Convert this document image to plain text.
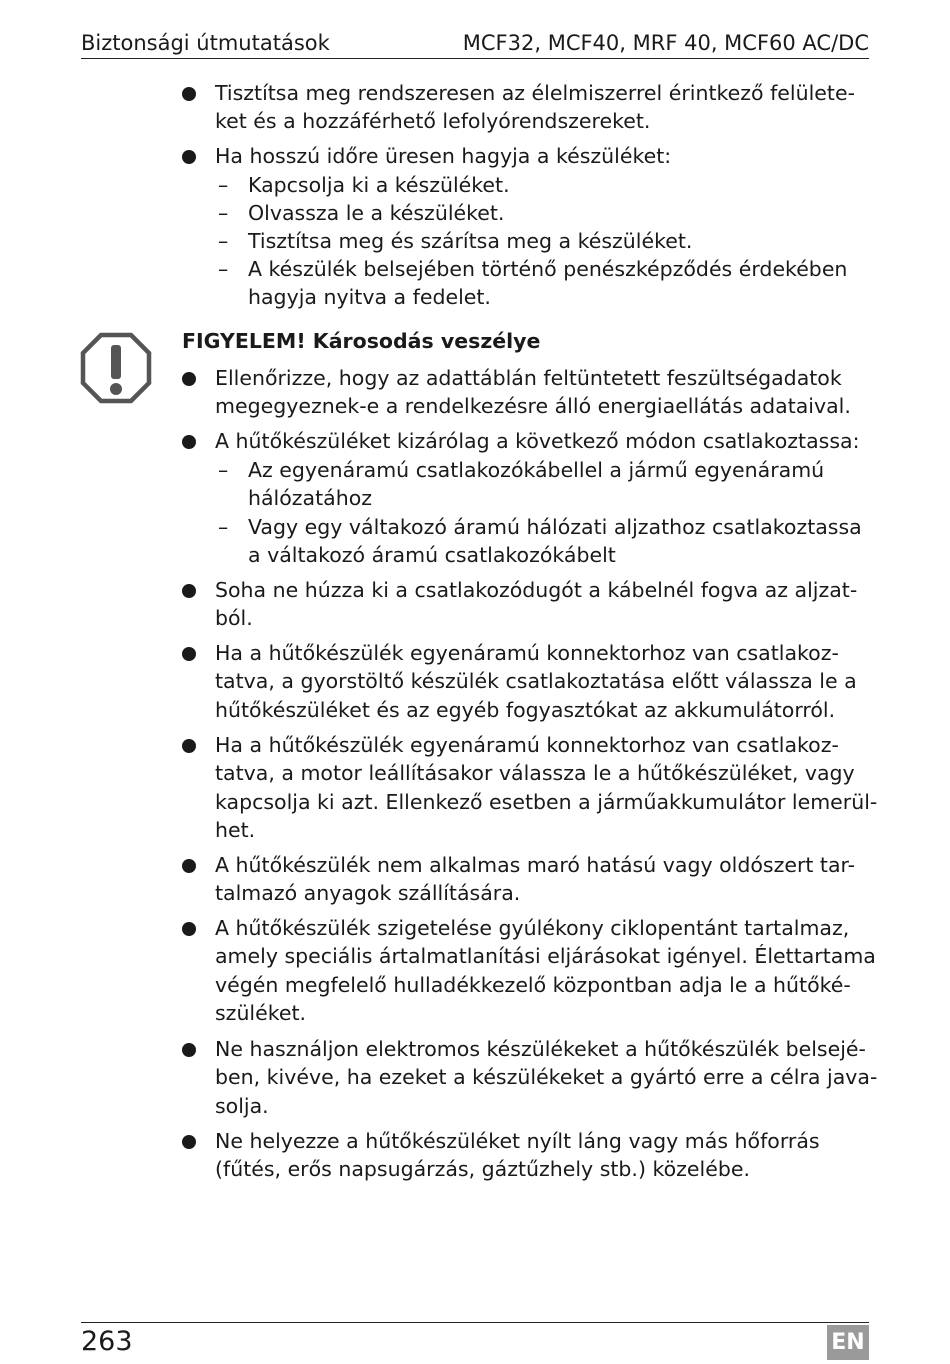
Biztonsági útmutatások	MCF32, MCF40, MRF 40, MCF60 AC/DC
Tisztítsa meg rendszeresen az élelmiszerrel érintkező felülete-
ket és a hozzáférhető lefolyórendszereket.
Ha hosszú időre üresen hagyja a készüléket:
– Kapcsolja ki a készüléket.
– Olvassza le a készüléket.
– Tisztítsa meg és szárítsa meg a készüléket.
– A készülék belsejében történő penészképződés érdekében
hagyja nyitva a fedelet.
FIGYELEM! Károsodás veszélye
Ellenőrizze, hogy az adattáblán feltüntetett feszültségadatok
megegyeznek-e a rendelkezésre álló energiaellátás adataival.
A hűtőkészüléket kizárólag a következő módon csatlakoztassa:
– Az egyenáramú csatlakozókábellel a jármű egyenáramú
hálózatához
– Vagy egy váltakozó áramú hálózati aljzathoz csatlakoztassa
a váltakozó áramú csatlakozókábelt
Soha ne húzza ki a csatlakozódugót a kábelnél fogva az aljzat-
ból.
Ha a hűtőkészülék egyenáramú konnektorhoz van csatlakoz-
tatva, a gyorstöltő készülék csatlakoztatása előtt válassza le a
hűtőkészüléket és az egyéb fogyasztókat az akkumulátorról.
Ha a hűtőkészülék egyenáramú konnektorhoz van csatlakoz-
tatva, a motor leállításakor válassza le a hűtőkészüléket, vagy
kapcsolja ki azt. Ellenkező esetben a járműakkumulátor lemerül-
het.
A hűtőkészülék nem alkalmas maró hatású vagy oldószert tar-
talmazó anyagok szállítására.
A hűtőkészülék szigetelése gyúlékony ciklopentánt tartalmaz,
amely speciális ártalmatlanítási eljárásokat igényel. Élettartama
végén megfelelő hulladékkezelő központban adja le a hűtőké-
szüléket.
Ne használjon elektromos készülékeket a hűtőkészülék belsejé-
ben, kivéve, ha ezeket a készülékeket a gyártó erre a célra java-
solja.
Ne helyezze a hűtőkészüléket nyílt láng vagy más hőforrás
(fűtés, erős napsugárzás, gáztűzhely stb.) közelébe.
263	EN
